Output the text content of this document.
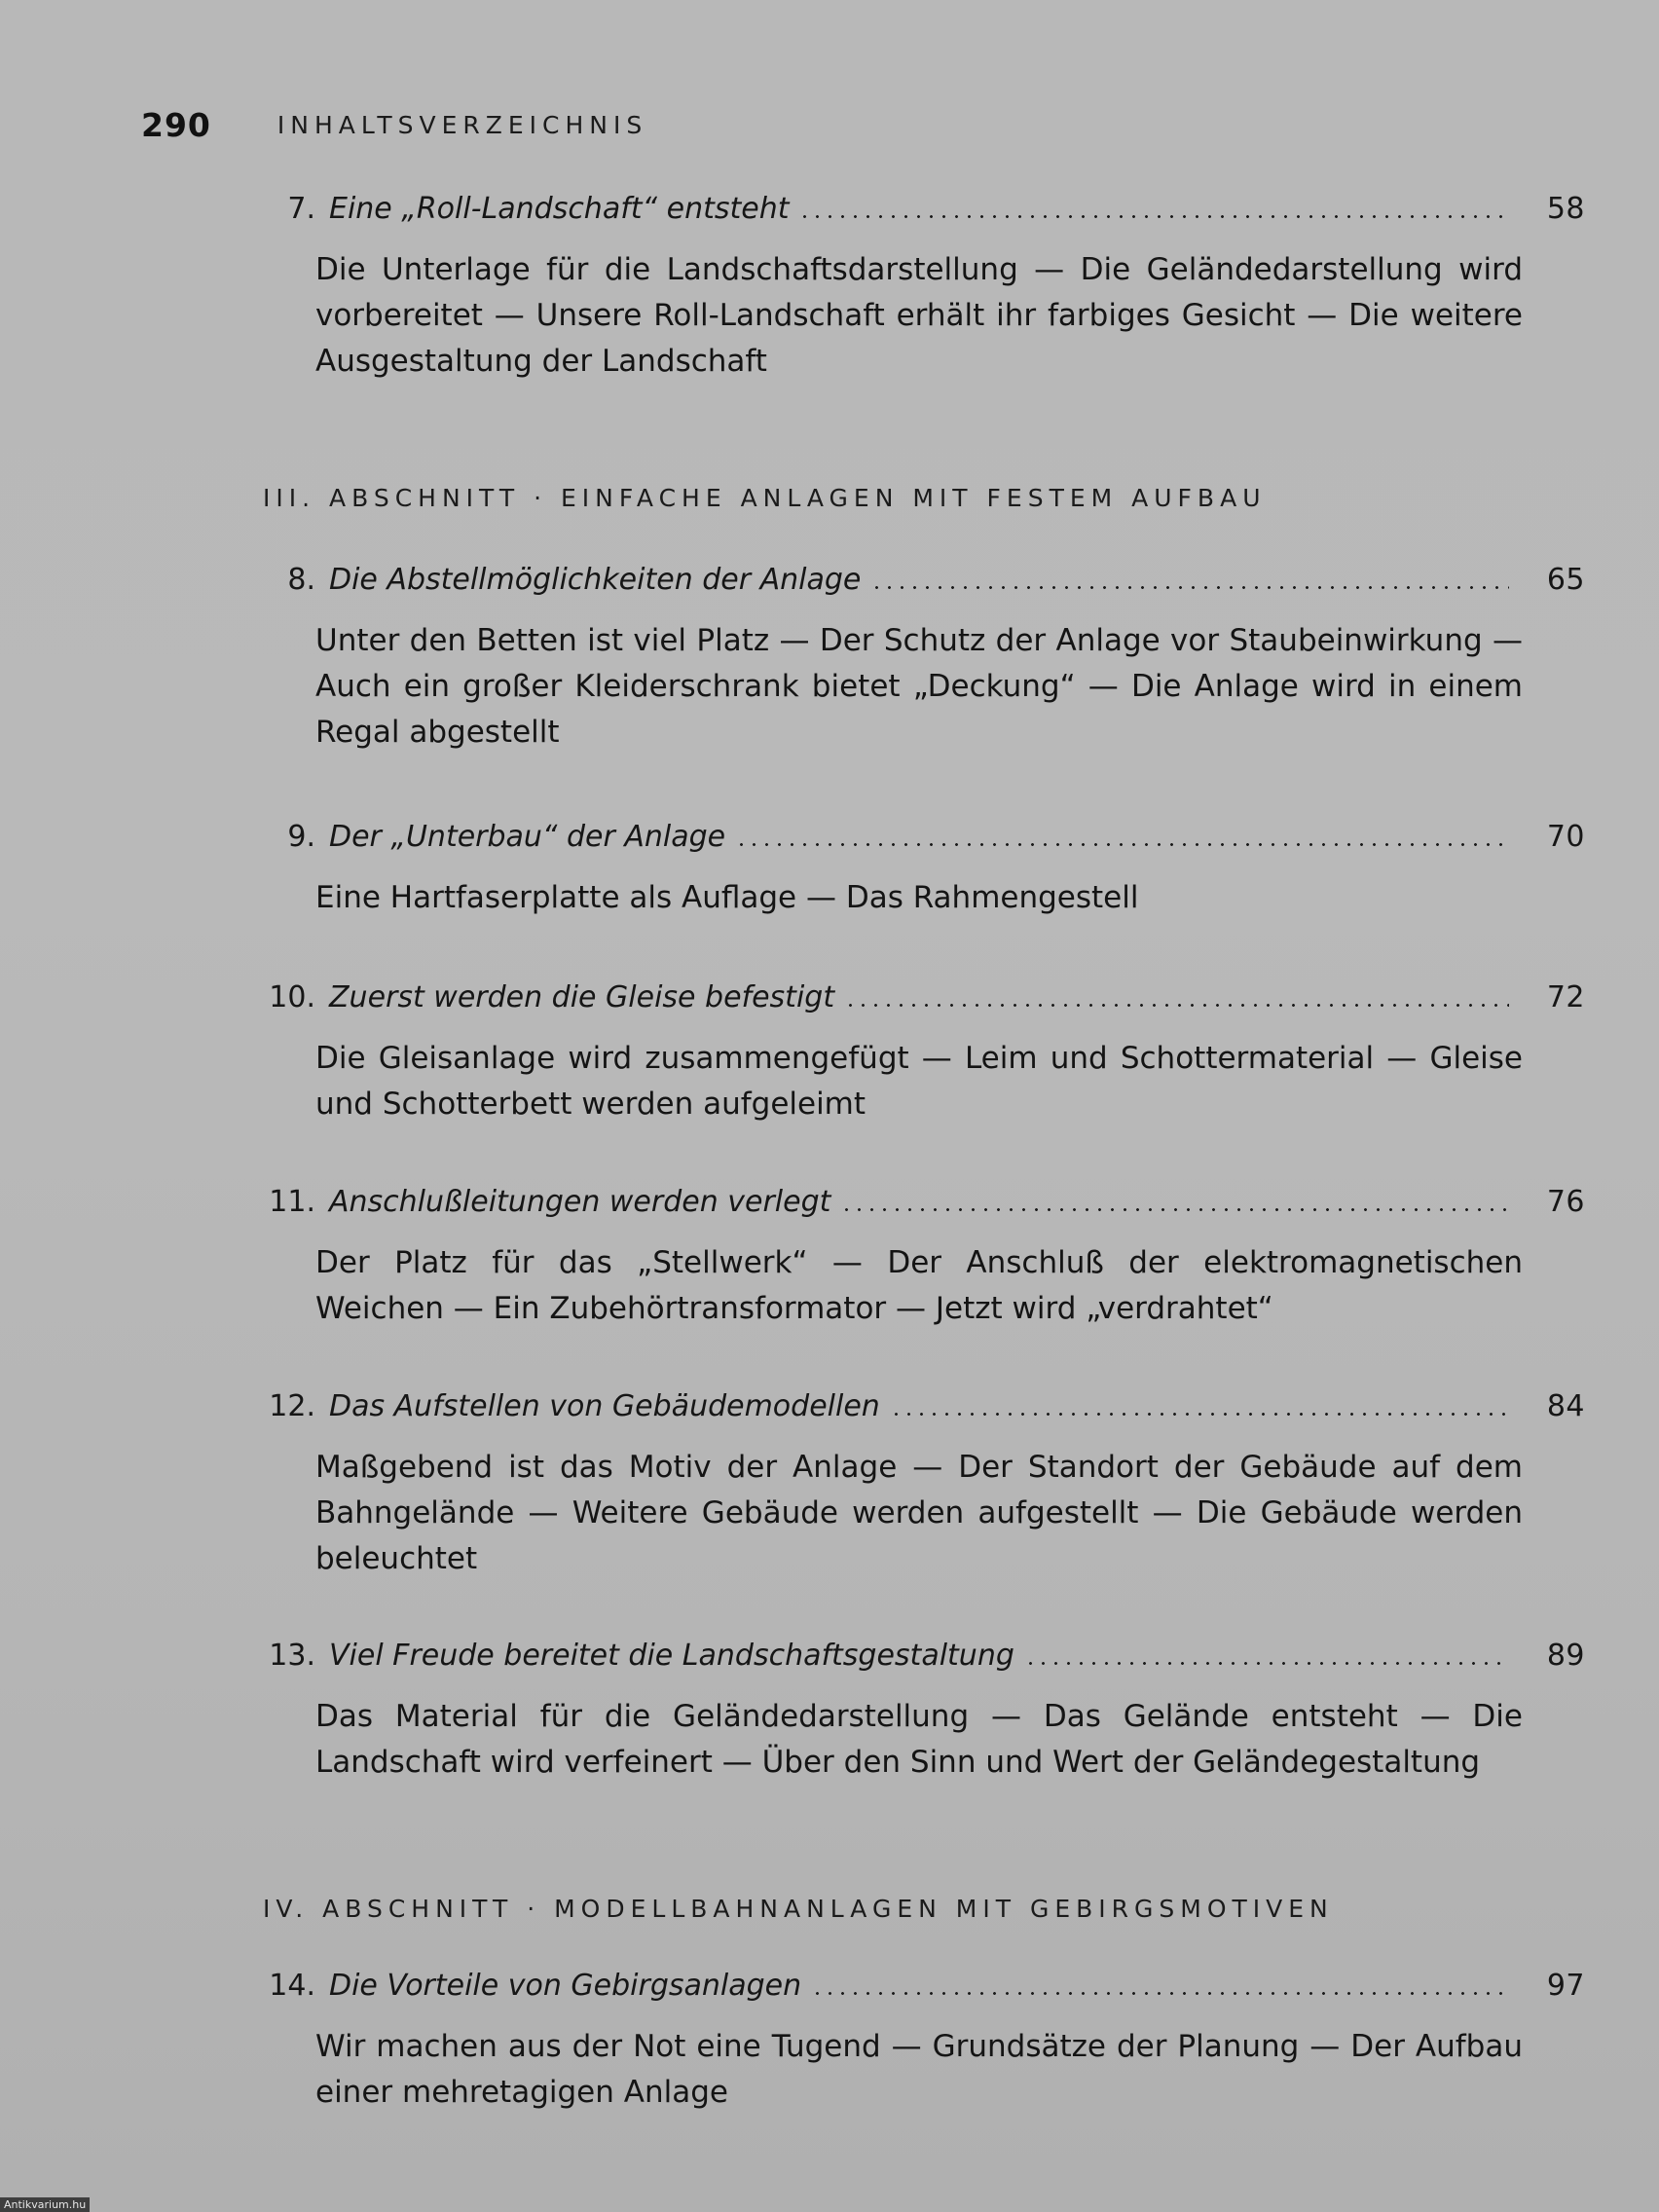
290	INHALTSVERZEICHNIS
7. Eine „Roll-Landschaft“ entsteht	58
Die Unterlage für die Landschaftsdarstellung — Die Geländedarstellung wird vorbereitet — Unsere Roll-Landschaft erhält ihr farbiges Gesicht — Die weitere Ausgestaltung der Landschaft
III. ABSCHNITT · EINFACHE ANLAGEN MIT FESTEM AUFBAU
8. Die Abstellmöglichkeiten der Anlage	65
Unter den Betten ist viel Platz — Der Schutz der Anlage vor Staubeinwirkung — Auch ein großer Kleiderschrank bietet „Deckung“ — Die Anlage wird in einem Regal abgestellt
9. Der „Unterbau“ der Anlage	70
Eine Hartfaserplatte als Auflage — Das Rahmengestell
10. Zuerst werden die Gleise befestigt	72
Die Gleisanlage wird zusammengefügt — Leim und Schottermaterial — Gleise und Schotterbett werden aufgeleimt
11. Anschlußleitungen werden verlegt	76
Der Platz für das „Stellwerk“ — Der Anschluß der elektromagnetischen Weichen — Ein Zubehörtransformator — Jetzt wird „verdrahtet“
12. Das Aufstellen von Gebäudemodellen	84
Maßgebend ist das Motiv der Anlage — Der Standort der Gebäude auf dem Bahngelände — Weitere Gebäude werden aufgestellt — Die Gebäude werden beleuchtet
13. Viel Freude bereitet die Landschaftsgestaltung	89
Das Material für die Geländedarstellung — Das Gelände entsteht — Die Landschaft wird verfeinert — Über den Sinn und Wert der Geländegestaltung
IV. ABSCHNITT · MODELLBAHNANLAGEN MIT GEBIRGSMOTIVEN
14. Die Vorteile von Gebirgsanlagen	97
Wir machen aus der Not eine Tugend — Grundsätze der Planung — Der Aufbau einer mehretagigen Anlage
Antikvarium.hu
